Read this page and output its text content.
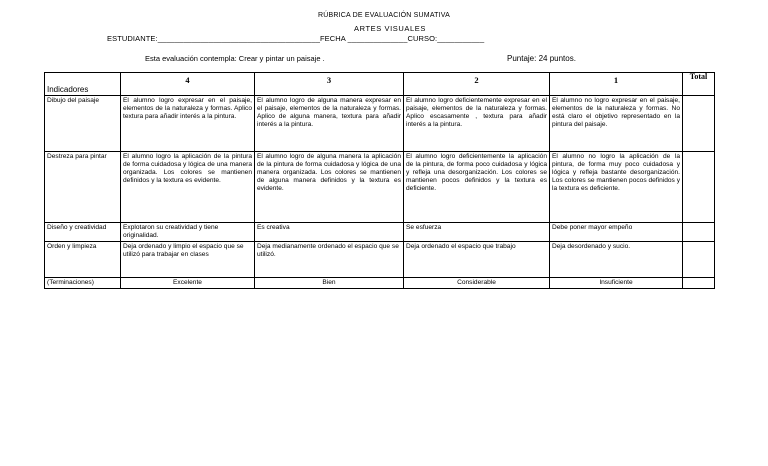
RÚBRICA DE EVALUACIÓN SUMATIVA
ARTES VISUALES
ESTUDIANTE:______________________________________FECHA ______________CURSO:___________
Esta evaluación contempla: Crear y pintar un paisaje .	Puntaje: 24 puntos.
Indicadores	4	3	2	1	Total
Dibujo del paisaje	El alumno logro expresar en el paisaje, elementos de la naturaleza y formas. Aplico textura para añadir interés a la pintura.	El alumno logro de alguna manera expresar en el paisaje, elementos de la naturaleza y formas. Aplico de alguna manera, textura para añadir interés a la pintura.	El alumno logro deficientemente expresar en el paisaje, elementos de la naturaleza y formas. Aplico escasamente , textura para añadir interés a la pintura.	El alumno no logro expresar en el paisaje, elementos de la naturaleza y formas. No está claro el objetivo representado en la pintura del paisaje.	
Destreza para pintar	El alumno logro la aplicación de la pintura de forma cuidadosa y lógica de una manera organizada. Los colores se mantienen definidos y la textura es evidente.	El alumno logro de alguna manera la aplicación de la pintura de forma cuidadosa y lógica de una manera organizada. Los colores se mantienen de alguna manera definidos y la textura es evidente.	El alumno logro deficientemente la aplicación de la pintura, de forma poco cuidadosa y lógica y refleja una desorganización. Los colores se mantienen pocos definidos y la textura es deficiente.	El alumno no logro la aplicación de la pintura, de forma muy poco cuidadosa y lógica y refleja bastante desorganización. Los colores se mantienen pocos definidos y la textura es deficiente.	
Diseño y creatividad	Explotaron su creatividad y tiene originalidad.	Es creativa	Se esfuerza	Debe poner mayor empeño	
Orden y limpieza	Deja ordenado y limpio el espacio que se utilizó para trabajar en clases	Deja medianamente ordenado el espacio que se utilizó.	Deja ordenado el espacio que trabajo	Deja desordenado y sucio.	
(Terminaciones)	Excelente	Bien	Considerable	Insuficiente	
